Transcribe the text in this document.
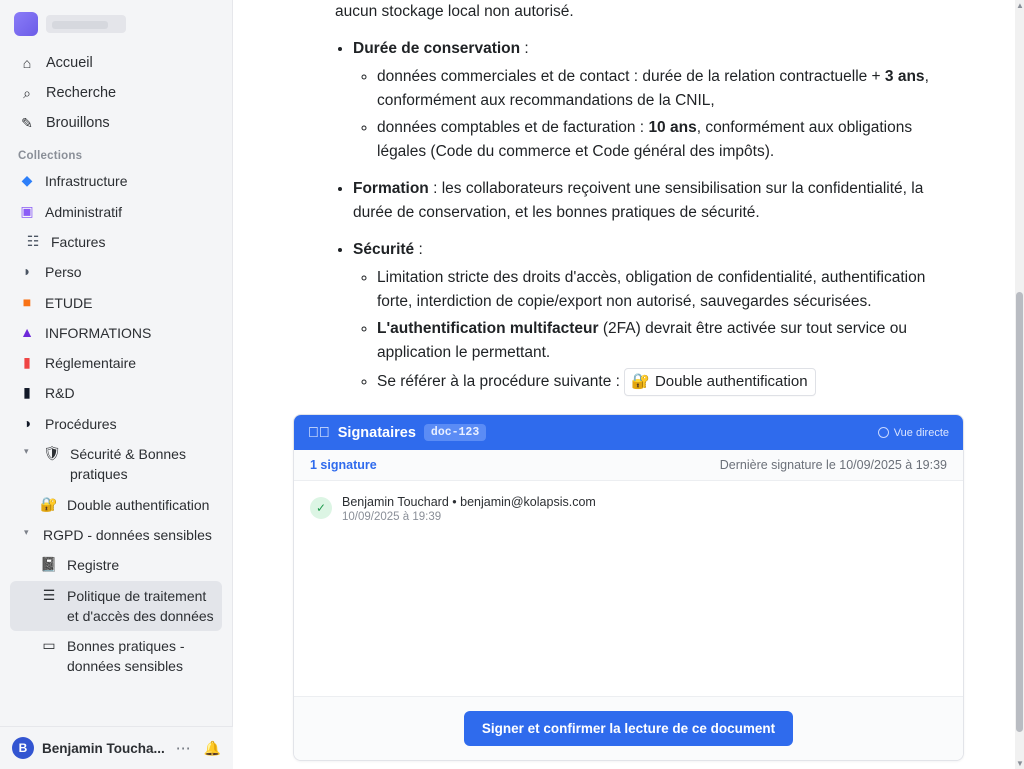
⌂	Accueil
⌕	Recherche
✎ Brouillons
Collections
◆ Infrastructure
▣ Administratif
☷ Factures
◗ Perso
■ ETUDE
▲ INFORMATIONS
▮	Réglementaire
▮	R&D
◑ Procédures
▾	🛡 Sécurité & Bonnes pratiques
🔐 Double authentification
▾	RGPD - données sensibles
📓 Registre
☰ Politique de traitement et d'accès des données
▭ Bonnes pratiques - données sensibles
B	Benjamin Toucha... ⋯ 🔔

aucun stockage local non autorisé.

• Durée de conservation :
◦ données commerciales et de contact : durée de la relation contractuelle + 3 ans, conformément aux recommandations de la CNIL,
◦ données comptables et de facturation : 10 ans, conformément aux obligations légales (Code du commerce et Code général des impôts).
• Formation : les collaborateurs reçoivent une sensibilisation sur la confidentialité, la durée de conservation, et les bonnes pratiques de sécurité.
• Sécurité :
◦ Limitation stricte des droits d'accès, obligation de confidentialité, authentification forte, interdiction de copie/export non autorisé, sauvegardes sécurisées.
◦ L'authentification multifacteur (2FA) devrait être activée sur tout service ou application le permettant.
◦ Se référer à la procédure suivante : 🔐 Double authentification
✓⃝ Signataires	doc-123	Vue directe
1 signature	Dernière signature le 10/09/2025 à 19:39
✓	Benjamin Touchard • benjamin@kolapsis.com
10/09/2025 à 19:39
Signer et confirmer la lecture de ce document
▲
▼
